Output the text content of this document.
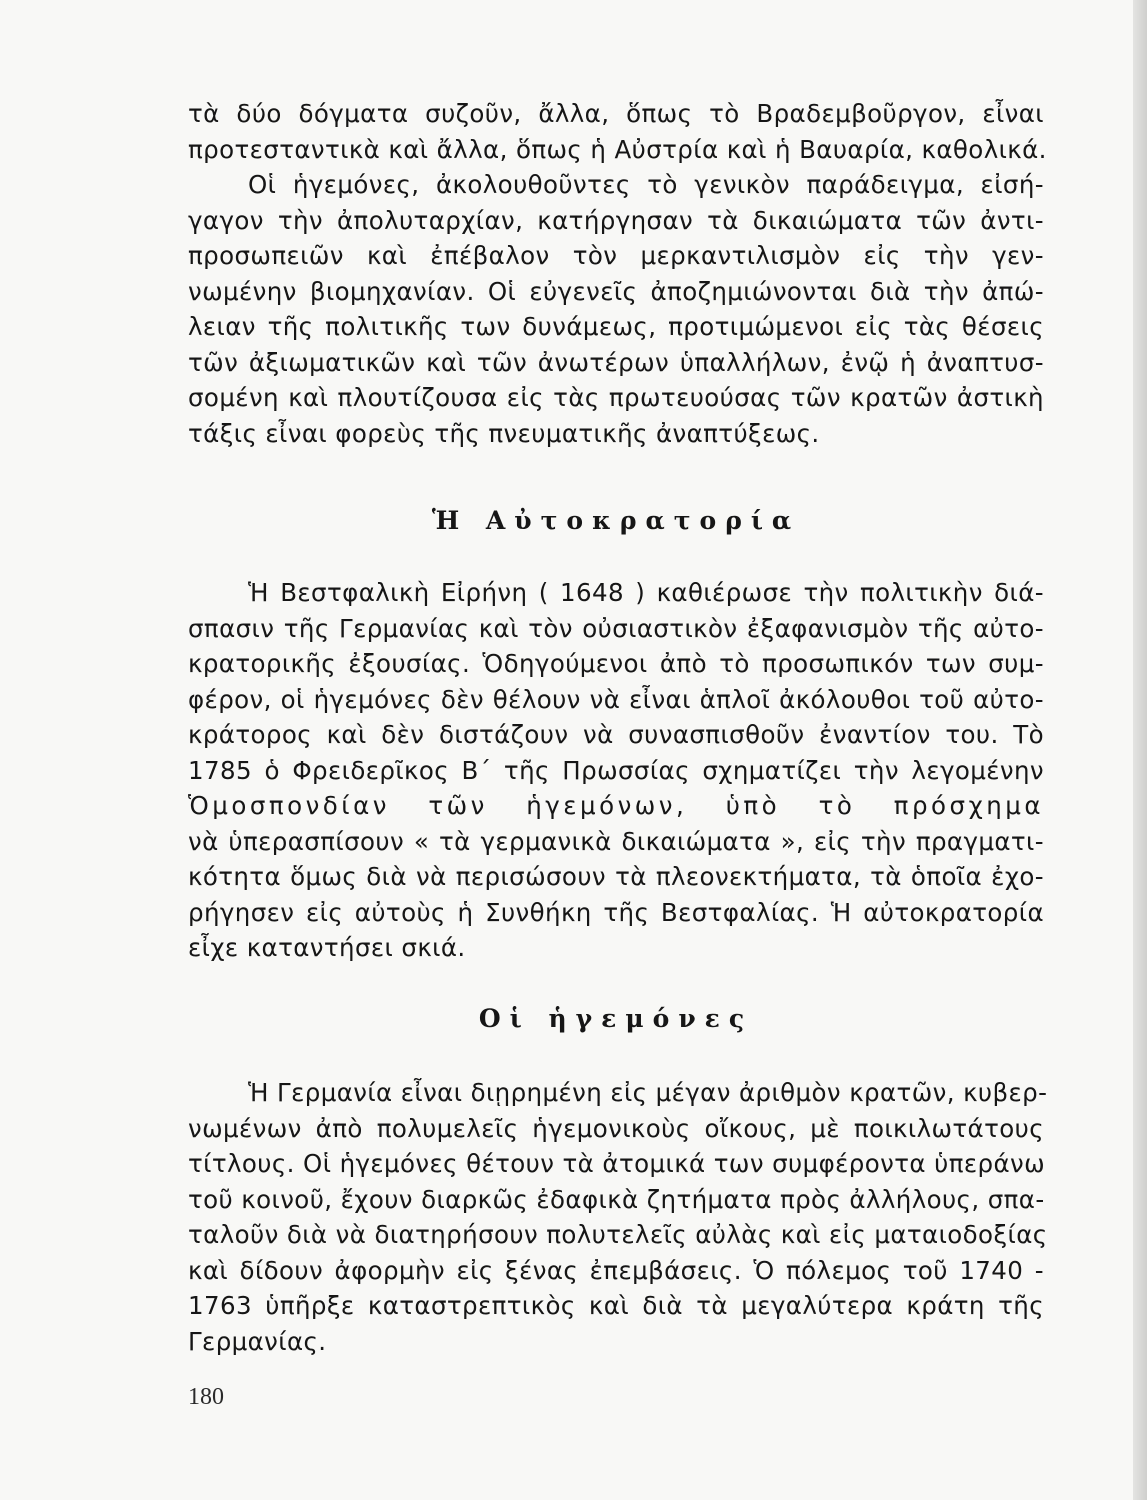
τὰ δύο δόγματα συζοῦν, ἄλλα, ὅπως τὸ Βραδεμβοῦργον, εἶναι
προτεσταντικὰ καὶ ἄλλα, ὅπως ἡ Αὐστρία καὶ ἡ Βαυαρία, καθολικά.
Οἱ ἡγεμόνες, ἀκολουθοῦντες τὸ γενικὸν παράδειγμα, εἰσή-
γαγον τὴν ἀπολυταρχίαν, κατήργησαν τὰ δικαιώματα τῶν ἀντι-
προσωπειῶν καὶ ἐπέβαλον τὸν μερκαντιλισμὸν εἰς τὴν γεν-
νωμένην βιομηχανίαν. Οἱ εὐγενεῖς ἀποζημιώνονται διὰ τὴν ἀπώ-
λειαν τῆς πολιτικῆς των δυνάμεως, προτιμώμενοι εἰς τὰς θέσεις
τῶν ἀξιωματικῶν καὶ τῶν ἀνωτέρων ὑπαλλήλων, ἐνῷ ἡ ἀναπτυσ-
σομένη καὶ πλουτίζουσα εἰς τὰς πρωτευούσας τῶν κρατῶν ἀστικὴ
τάξις εἶναι φορεὺς τῆς πνευματικῆς ἀναπτύξεως.
Ἡ Αὐτοκρατορία
Ἡ Βεστφαλικὴ Εἰρήνη ( 1648 ) καθιέρωσε τὴν πολιτικὴν διά-
σπασιν τῆς Γερμανίας καὶ τὸν οὐσιαστικὸν ἐξαφανισμὸν τῆς αὐτο-
κρατορικῆς ἐξουσίας. Ὁδηγούμενοι ἀπὸ τὸ προσωπικόν των συμ-
φέρον, οἱ ἡγεμόνες δὲν θέλουν νὰ εἶναι ἁπλοῖ ἀκόλουθοι τοῦ αὐτο-
κράτορος καὶ δὲν διστάζουν νὰ συνασπισθοῦν ἐναντίον του. Τὸ
1785 ὁ Φρειδερῖκος Β΄ τῆς Πρωσσίας σχηματίζει τὴν λεγομένην
Ὁμοσπονδίαν τῶν ἡγεμόνων, ὑπὸ τὸ πρόσχημα
νὰ ὑπερασπίσουν « τὰ γερμανικὰ δικαιώματα », εἰς τὴν πραγματι-
κότητα ὅμως διὰ νὰ περισώσουν τὰ πλεονεκτήματα, τὰ ὁποῖα ἐχο-
ρήγησεν εἰς αὐτοὺς ἡ Συνθήκη τῆς Βεστφαλίας. Ἡ αὐτοκρατορία
εἶχε καταντήσει σκιά.
Οἱ ἡγεμόνες
Ἡ Γερμανία εἶναι διῃρημένη εἰς μέγαν ἀριθμὸν κρατῶν, κυβερ-
νωμένων ἀπὸ πολυμελεῖς ἡγεμονικοὺς οἴκους, μὲ ποικιλωτάτους
τίτλους. Οἱ ἡγεμόνες θέτουν τὰ ἀτομικά των συμφέροντα ὑπεράνω
τοῦ κοινοῦ, ἔχουν διαρκῶς ἐδαφικὰ ζητήματα πρὸς ἀλλήλους, σπα-
ταλοῦν διὰ νὰ διατηρήσουν πολυτελεῖς αὐλὰς καὶ εἰς ματαιοδοξίας
καὶ δίδουν ἀφορμὴν εἰς ξένας ἐπεμβάσεις. Ὁ πόλεμος τοῦ 1740 -
1763 ὑπῆρξε καταστρεπτικὸς καὶ διὰ τὰ μεγαλύτερα κράτη τῆς
Γερμανίας.
180
